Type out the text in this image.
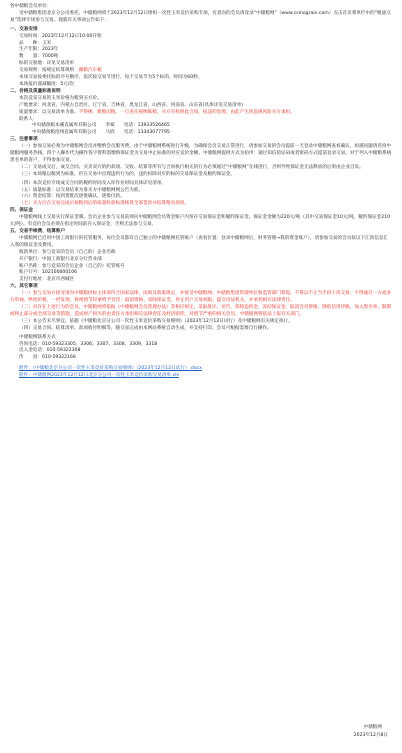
各中储粮会员单位：

受中储粮集团北京分公司委托，中储粮网将于2023年12月12日组织一次性玉米竞价采购专场，有意向的会员请登录“中储粮网”（www.csinograin.com）点击首页菜单栏中的“粮油交易”选择专场参与交易。现就有关事项公告如下：

一、交易安排

交易时间：2023年12月12日10:00开始

品　　种：玉米

生产年限：2023年

数　　量：7000吨

标的交收地：详见交易清单

交易规则：按规定结算规则　 赖粮汽车板

本场交易按委托标的序号顺序，依次按交易节进行，每个交易节为5个标的，时间为60秒。

本场报价递减幅度：5元/次

二、价格及质量标准说明

本次竞采交易的玉米价格为粮到买方价。

产地要求：河北省、内蒙古自治区、辽宁省、吉林省、黑龙江省、山西省、河南省、山东省(具体详见交易清单)

质量要求：以交易清单为准。不得掺、新粮旧粮、一旦查实视掺陈粮、买方有权将此合同，按违约处理。由此产生的违规风险买方承担。

联系人：

中央储备粮本溪直属库有限公司　　李斌　　电话：13933526465

中央储备粮沧州直属库有限公司　　马欣　　电话：13343077795

三、注意事项

（一）参加交易必须为中储粮网会员并缴纳会员服务费，由于中储粮网系统进行升级，为确保会员交易正常进行，请参加交易的会员提前一天登录中储粮网查看确认，如遇问题请咨询中储粮网服务热线。四个人操作代为操作签字资料需缴纳保证金为交易中止标准的对应竞价金额。中储粮网提供方式为拍申：通过知信验证码或者密码方式提前登录交易。对于列入中储粮系统黑名单的客户，不得参加交易。

（二）交易成交后，成交合同、买卖双方的约款项、交收、结算等所有与合同执行相关的行为必须通过“中储粮网”在线进行，否则导致保证金无法释放的后果由企业自负。

（三）本场粮以粮到为标准，但在交易中出现违约行为的，违约扣除对应的标的交易保证金及履约保证金。

（四）本次竞价专场成交合同的履约时间及入库作业时间具体详见清单。

（五）质量标准：以交易结束为准买方中储粮网网公告为准。

（六）资金结算：按到货批次逐批确认，逐批付款。

（七）买方应在交易完成后按粮到后的质量检验标准核算全部货款并结算粮食款项。

四、保证金

中储粮网线上交易实行保证金制。会员企业参与交易前须向中储粮网会员资金账户内预存交易保证金和履约保证金。保证金金额为220元/吨（其中交易保证金10元/吨，履约保证金210元/吨）。有竞价会员必须在指定时间前存入保证金，否则无法参与交易。

五、交易手续费、结算账户

中储粮网已启用中国工商银行的托管服务，每位会员都有自己独立的中储粮网托管账户（查看位置：登录中储粮网后，财务管理→我的资金账户），请参加交易的会员按以下汇款信息汇入我的保证金及费用。

收款单位：参与竞采的会员（自己的）企业名称

开户银行：中国工商银行北京分行营业部

账户名称：参与竞采的会员企业（自己的）托管账号

账户行号：102100000106

支付行地址：北京市西城区

六、其它事项

（一）参与交易方接受请向中储粮招标主体须符合国家法律、法规及政策规定，并接受中储粮网、中储粮集团管理单位和监管部门督促，不得以不正当手段干扰交易，不得通过一方或多方串通、哄抬价格，一经发现，将视情节轻重给予处罚：取消资格、扣除保证金、停止用户交易权限、提交司法机关，并承担相应法律责任。

（二）对存在上述行为的会员，中储粮网将依据《中储粮网会员管理办法》等相应规定，采取批评、劝告、扣除违约金、冻结保证金、取消会员资格、降低信用评级、加入黑名单、限制或终止部分或全部交易等措施，造成财产损失的由责任方承担相应法律责任及经济赔偿。对情节严重的相关会员，中储粮网将依法上报有关部门。

（三）本公告未尽事宜，依据《中储粮北京分公司一次性玉米竞价采购交易细则》（2023年12月12日试行）及中储粮网有关规定执行。

（四）交易合同、结算清单、款项收付明细等，随交易完成由本网站系统自动生成，并支持打印，会员可根据需要自行操作。

中储粮网联系方式

咨询电话：010-59323305、3306、3307、3308、3309、3318

出入金电话：010-59323308

传　　真：010-59322166

附件：《中储粮北京分公司一次性玉米竞价采购交易细则》（2023年12月12日试行）.docx

附件：中储粮网2023年12月12日北京分公司一次性玉米竞价采购交易清单.xls

中储粮网
2023年12月8日
